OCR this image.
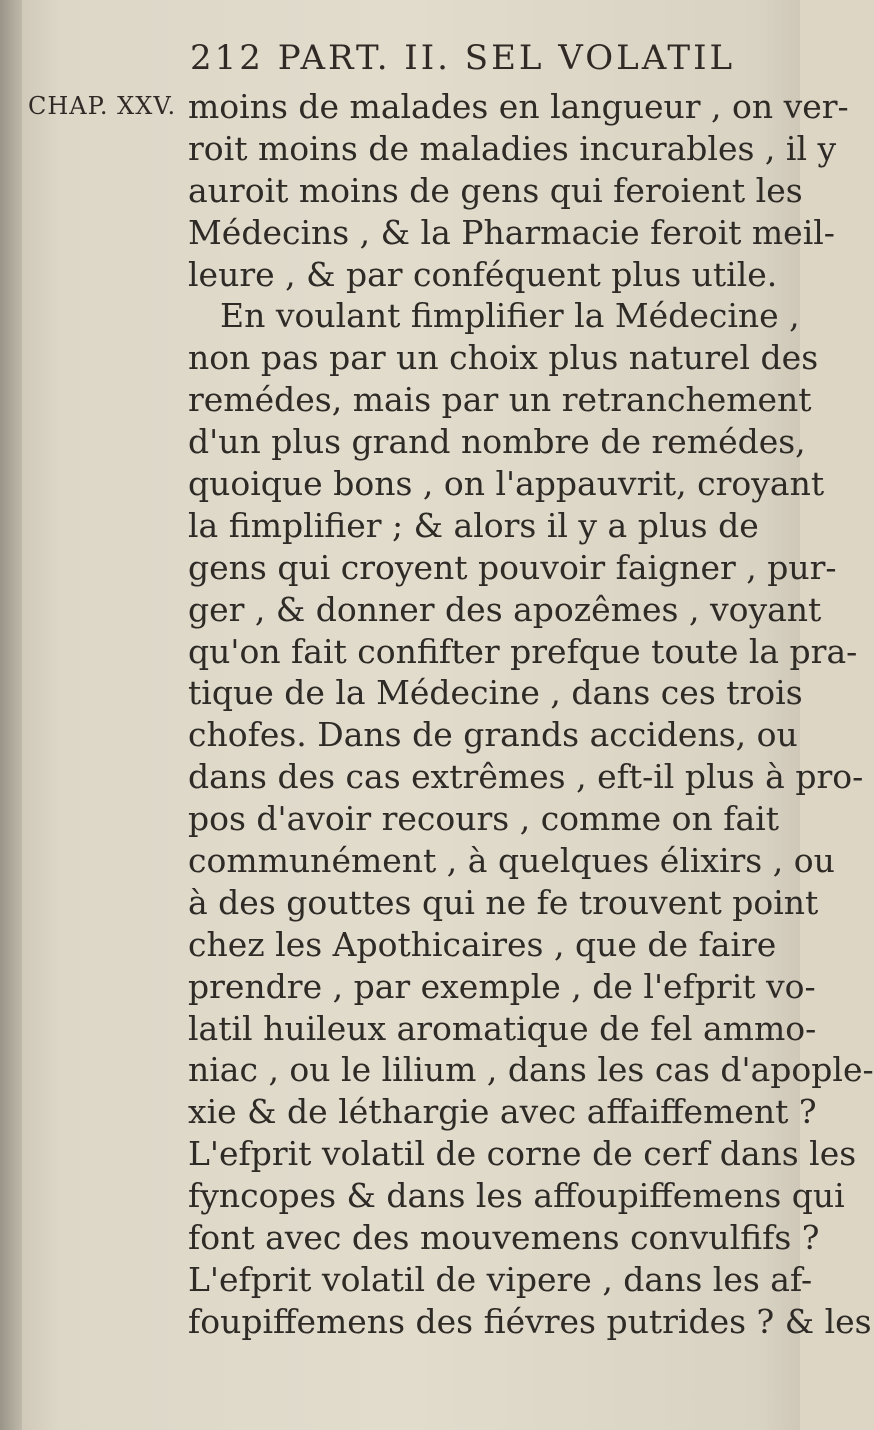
212 PART. II. SEL VOLATIL
CHAP. XXV. moins de malades en langueur , on ver-
roit moins de maladies incurables , il y
auroit moins de gens qui feroient les
Médecins , & la Pharmacie feroit meil-
leure , & par conféquent plus utile.
En voulant fimplifier la Médecine ,
non pas par un choix plus naturel des
remédes, mais par un retranchement
d'un plus grand nombre de remédes,
quoique bons , on l'appauvrit, croyant
la fimplifier ; & alors il y a plus de
gens qui croyent pouvoir faigner , pur-
ger , & donner des apozêmes , voyant
qu'on fait confifter prefque toute la pra-
tique de la Médecine , dans ces trois
chofes. Dans de grands accidens, ou
dans des cas extrêmes , eft-il plus à pro-
pos d'avoir recours , comme on fait
communément , à quelques élixirs , ou
à des gouttes qui ne fe trouvent point
chez les Apothicaires , que de faire
prendre , par exemple , de l'efprit vo-
latil huileux aromatique de fel ammo-
niac , ou le lilium , dans les cas d'apople-
xie & de léthargie avec affaiffement ?
L'efprit volatil de corne de cerf dans les
fyncopes & dans les affoupiffemens qui
font avec des mouvemens convulfifs ?
L'efprit volatil de vipere , dans les af-
foupiffemens des fiévres putrides ? & les
